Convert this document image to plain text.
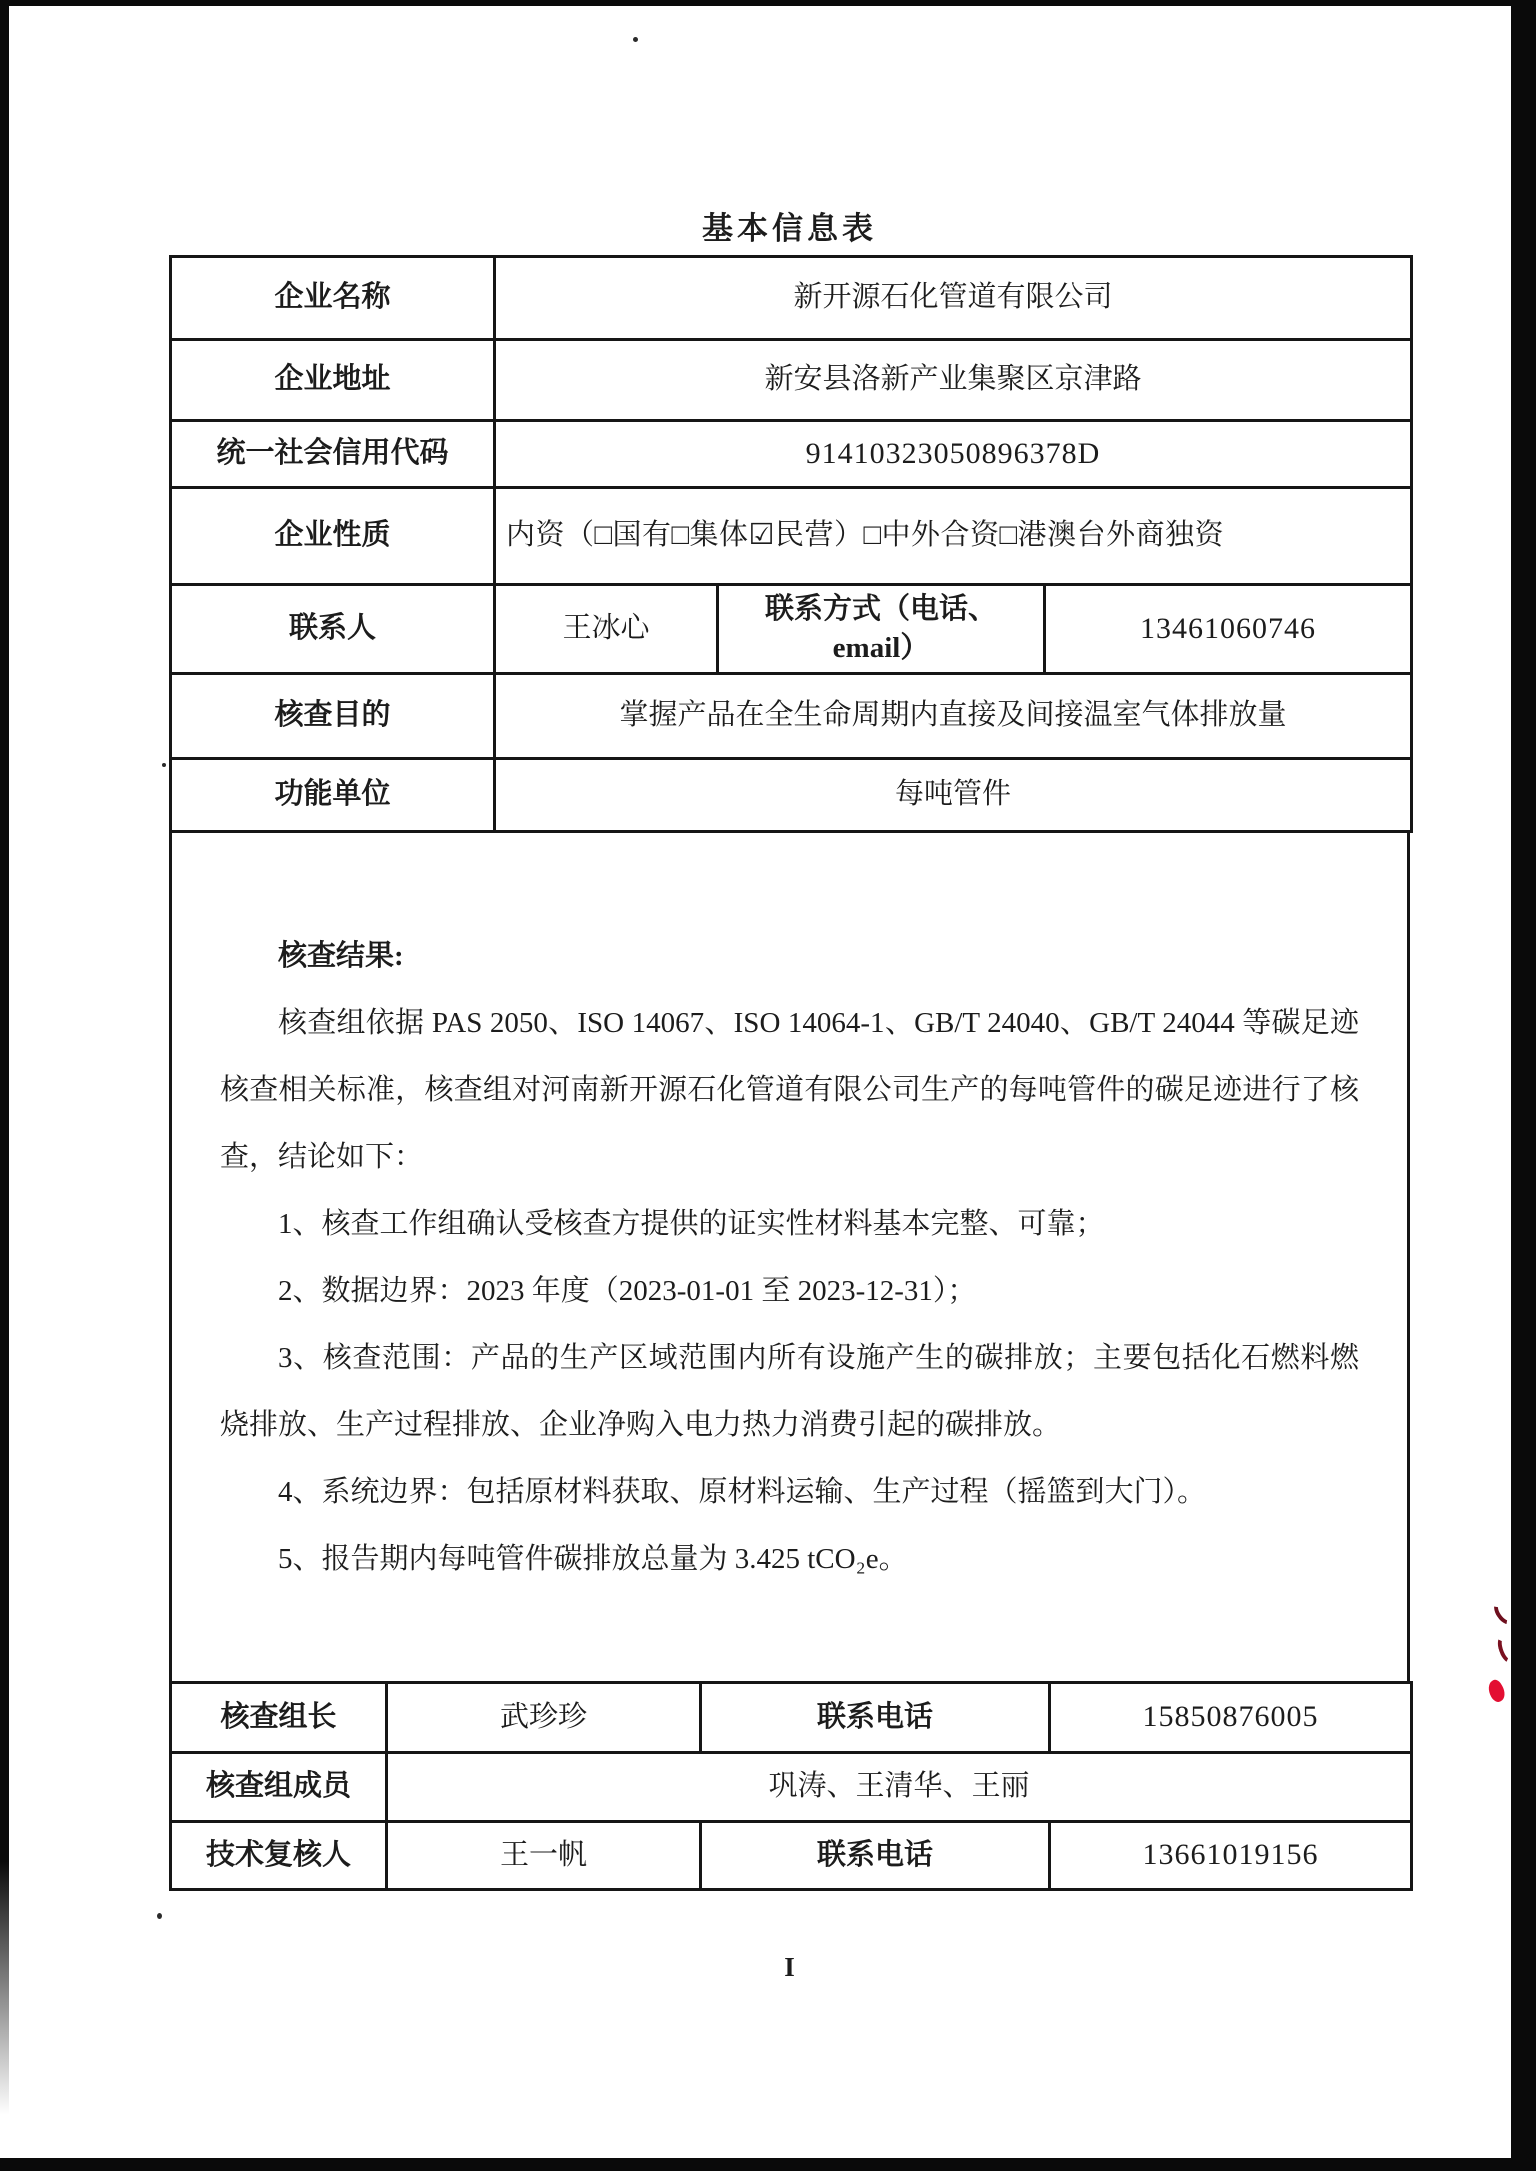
基本信息表
企业名称	新开源石化管道有限公司		
企业地址	新安县洛新产业集聚区京津路		
统一社会信用代码	91410323050896378D		
企业性质	内资（□国有□集体☑民营）□中外合资□港澳台外商独资		
联系人	王冰心	联系方式（电话、email）	13461060746
核查目的	掌握产品在全生命周期内直接及间接温室气体排放量		
功能单位	每吨管件		
核查结果:

核查组依据 PAS 2050、ISO 14067、ISO 14064-1、GB/T 24040、GB/T 24044 等碳足迹核查相关标准，核查组对河南新开源石化管道有限公司生产的每吨管件的碳足迹进行了核查，结论如下：

1、核查工作组确认受核查方提供的证实性材料基本完整、可靠；

2、数据边界：2023 年度（2023-01-01 至 2023-12-31）；

3、核查范围：产品的生产区域范围内所有设施产生的碳排放；主要包括化石燃料燃烧排放、生产过程排放、企业净购入电力热力消费引起的碳排放。

4、系统边界：包括原材料获取、原材料运输、生产过程（摇篮到大门）。

5、报告期内每吨管件碳排放总量为 3.425 tCO₂e。

核查组长	武珍珍	联系电话	15850876005
核查组成员	巩涛、王清华、王丽		
技术复核人	王一帆	联系电话	13661019156
I
